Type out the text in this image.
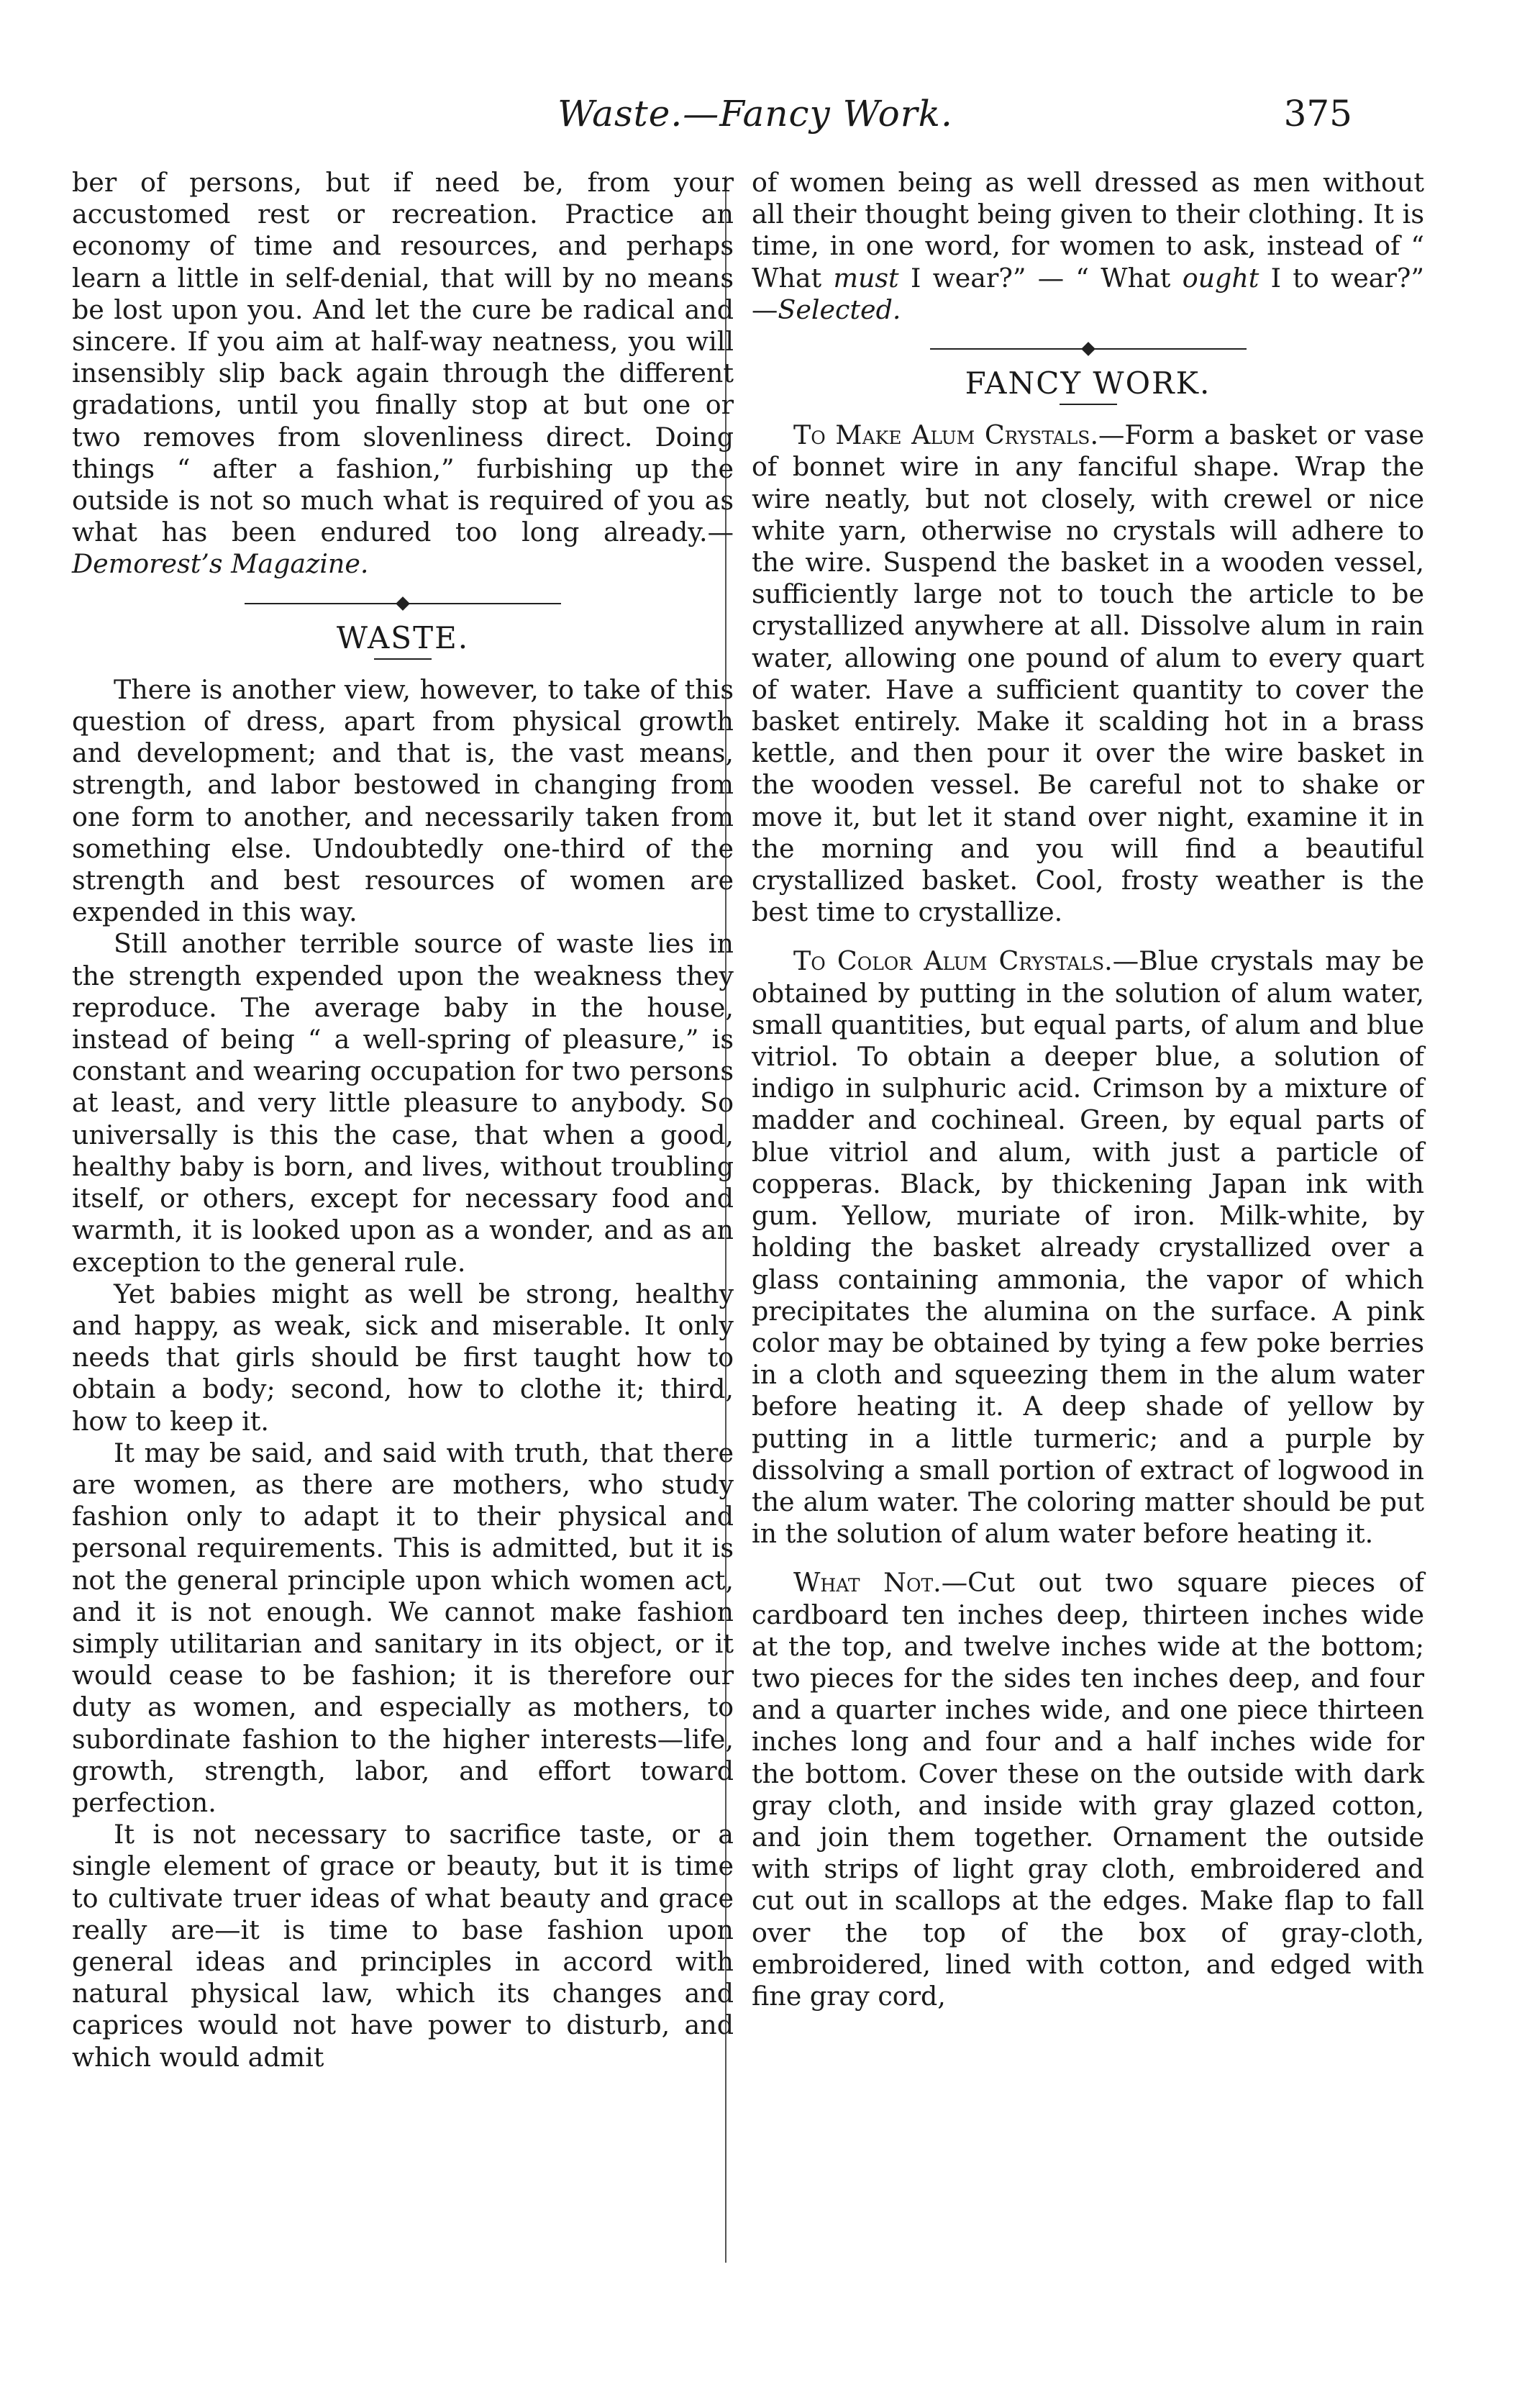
Waste.—Fancy Work.	375

ber of persons, but if need be, from your accustomed rest or recreation. Practice an economy of time and resources, and perhaps learn a little in self-denial, that will by no means be lost upon you. And let the cure be radical and sincere. If you aim at half-way neatness, you will insensibly slip back again through the different gradations, until you finally stop at but one or two removes from slovenliness direct. Doing things “ after a fashion,” furbishing up the outside is not so much what is required of you as what has been endured too long already.—Demorest’s Magazine.

WASTE.

There is another view, however, to take of this question of dress, apart from physical growth and development; and that is, the vast means, strength, and labor bestowed in changing from one form to another, and necessarily taken from something else. Undoubtedly one-third of the strength and best resources of women are expended in this way.

Still another terrible source of waste lies in the strength expended upon the weakness they reproduce. The average baby in the house, instead of being “ a well-spring of pleasure,” is constant and wearing occupation for two persons at least, and very little pleasure to anybody. So universally is this the case, that when a good, healthy baby is born, and lives, without troubling itself, or others, except for necessary food and warmth, it is looked upon as a wonder, and as an exception to the general rule.

Yet babies might as well be strong, healthy and happy, as weak, sick and miserable. It only needs that girls should be first taught how to obtain a body; second, how to clothe it; third, how to keep it.

It may be said, and said with truth, that there are women, as there are mothers, who study fashion only to adapt it to their physical and personal requirements. This is admitted, but it is not the general principle upon which women act, and it is not enough. We cannot make fashion simply utilitarian and sanitary in its object, or it would cease to be fashion; it is therefore our duty as women, and especially as mothers, to subordinate fashion to the higher interests—life, growth, strength, labor, and effort toward perfection.

It is not necessary to sacrifice taste, or a single element of grace or beauty, but it is time to cultivate truer ideas of what beauty and grace really are—it is time to base fashion upon general ideas and principles in accord with natural physical law, which its changes and caprices would not have power to disturb, and which would admit

of women being as well dressed as men without all their thought being given to their clothing. It is time, in one word, for women to ask, instead of “ What must I wear?” — “ What ought I to wear?” —Selected.

FANCY WORK.

To Make Alum Crystals.—Form a basket or vase of bonnet wire in any fanciful shape. Wrap the wire neatly, but not closely, with crewel or nice white yarn, otherwise no crystals will adhere to the wire. Suspend the basket in a wooden vessel, sufficiently large not to touch the article to be crystallized anywhere at all. Dissolve alum in rain water, allowing one pound of alum to every quart of water. Have a sufficient quantity to cover the basket entirely. Make it scalding hot in a brass kettle, and then pour it over the wire basket in the wooden vessel. Be careful not to shake or move it, but let it stand over night, examine it in the morning and you will find a beautiful crystallized basket. Cool, frosty weather is the best time to crystallize.

To Color Alum Crystals.—Blue crystals may be obtained by putting in the solution of alum water, small quantities, but equal parts, of alum and blue vitriol. To obtain a deeper blue, a solution of indigo in sulphuric acid. Crimson by a mixture of madder and cochineal. Green, by equal parts of blue vitriol and alum, with just a particle of copperas. Black, by thickening Japan ink with gum. Yellow, muriate of iron. Milk-white, by holding the basket already crystallized over a glass containing ammonia, the vapor of which precipitates the alumina on the surface. A pink color may be obtained by tying a few poke berries in a cloth and squeezing them in the alum water before heating it. A deep shade of yellow by putting in a little turmeric; and a purple by dissolving a small portion of extract of logwood in the alum water. The coloring matter should be put in the solution of alum water before heating it.

What Not.—Cut out two square pieces of cardboard ten inches deep, thirteen inches wide at the top, and twelve inches wide at the bottom; two pieces for the sides ten inches deep, and four and a quarter inches wide, and one piece thirteen inches long and four and a half inches wide for the bottom. Cover these on the outside with dark gray cloth, and inside with gray glazed cotton, and join them together. Ornament the outside with strips of light gray cloth, embroidered and cut out in scallops at the edges. Make flap to fall over the top of the box of gray-cloth, embroidered, lined with cotton, and edged with fine gray cord,
